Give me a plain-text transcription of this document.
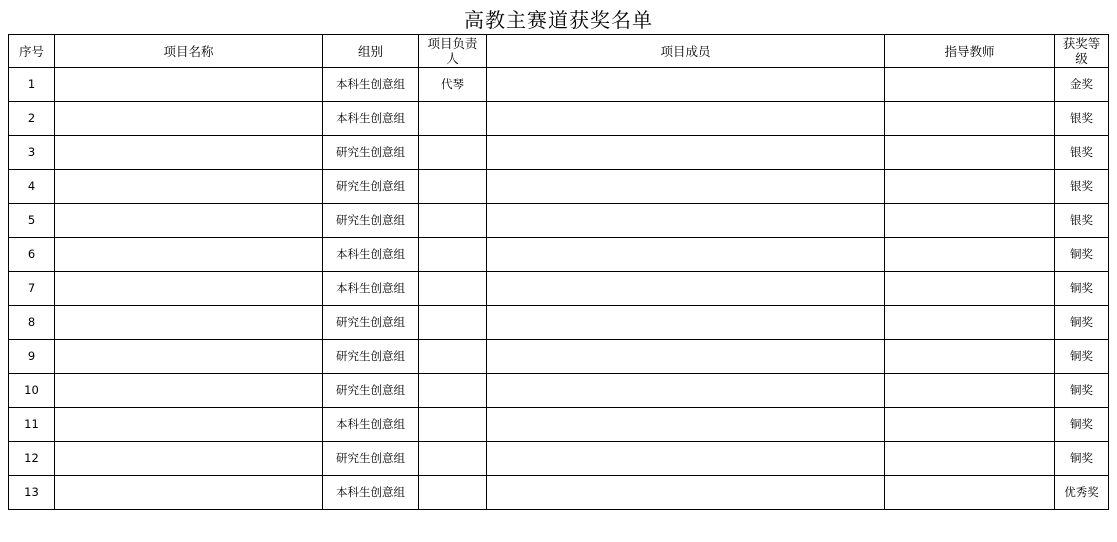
高教主赛道获奖名单
序号	项目名称	组别	项目负责人	项目成员	指导教师	获奖等级
1		本科生创意组	代琴			金奖
2		本科生创意组				银奖
3		研究生创意组				银奖
4		研究生创意组				银奖
5		研究生创意组				银奖
6		本科生创意组				铜奖
7		本科生创意组				铜奖
8		研究生创意组				铜奖
9		研究生创意组				铜奖
10		研究生创意组				铜奖
11		本科生创意组				铜奖
12		研究生创意组				铜奖
13		本科生创意组				优秀奖
